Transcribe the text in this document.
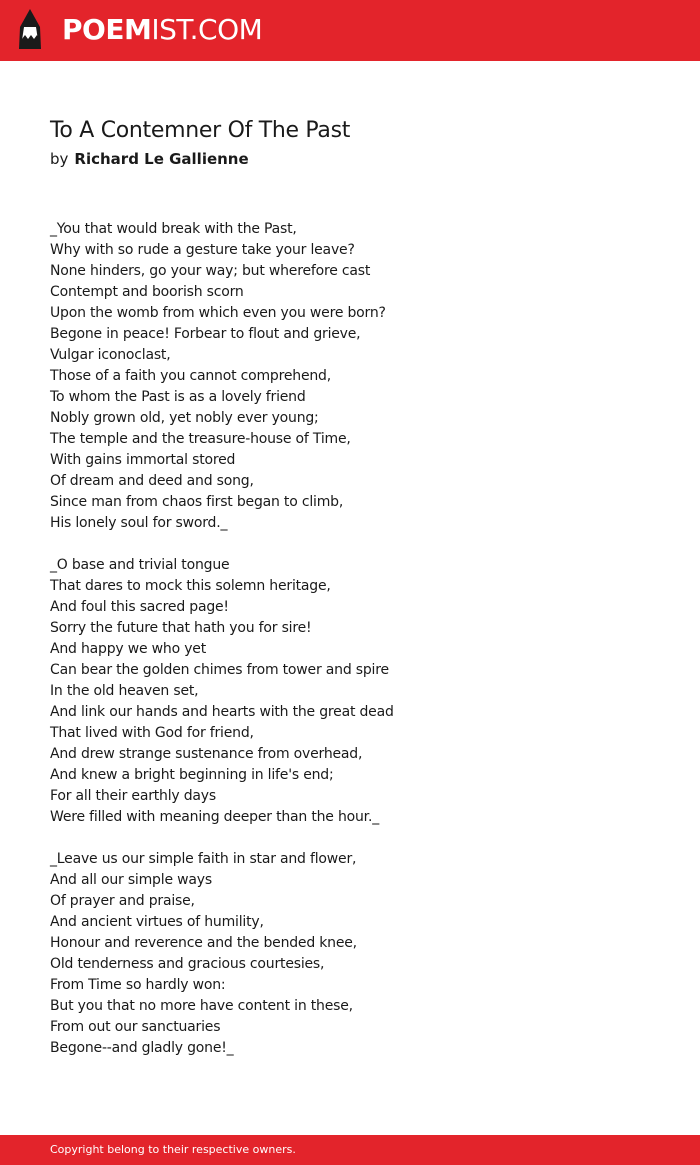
POEMIST.COM
To A Contemner Of The Past
by Richard Le Gallienne
_You that would break with the Past,
Why with so rude a gesture take your leave?
None hinders, go your way; but wherefore cast
Contempt and boorish scorn
Upon the womb from which even you were born?
Begone in peace! Forbear to flout and grieve,
Vulgar iconoclast,
Those of a faith you cannot comprehend,
To whom the Past is as a lovely friend
Nobly grown old, yet nobly ever young;
The temple and the treasure-house of Time,
With gains immortal stored
Of dream and deed and song,
Since man from chaos first began to climb,
His lonely soul for sword._
_O base and trivial tongue
That dares to mock this solemn heritage,
And foul this sacred page!
Sorry the future that hath you for sire!
And happy we who yet
Can bear the golden chimes from tower and spire
In the old heaven set,
And link our hands and hearts with the great dead
That lived with God for friend,
And drew strange sustenance from overhead,
And knew a bright beginning in life's end;
For all their earthly days
Were filled with meaning deeper than the hour._
_Leave us our simple faith in star and flower,
And all our simple ways
Of prayer and praise,
And ancient virtues of humility,
Honour and reverence and the bended knee,
Old tenderness and gracious courtesies,
From Time so hardly won:
But you that no more have content in these,
From out our sanctuaries
Begone--and gladly gone!_
Copyright belong to their respective owners.
